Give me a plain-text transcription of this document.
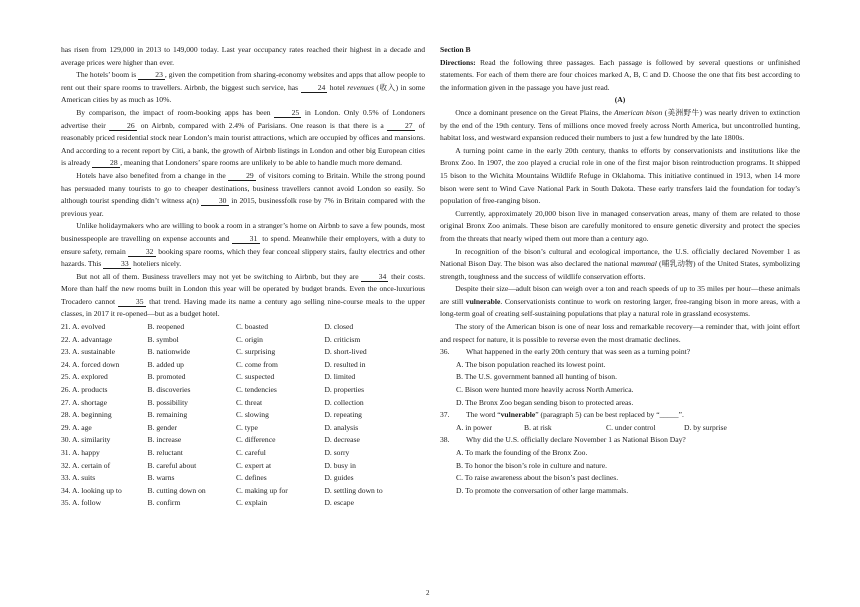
has risen from 129,000 in 2013 to 149,000 today. Last year occupancy rates reached their highest in a decade and average prices were higher than ever.

The hotels’ boom is 23 , given the competition from sharing-economy websites and apps that allow people to rent out their spare rooms to travellers. Airbnb, the biggest such service, has 24 hotel revenues (收入) in some American cities by as much as 10%.

By comparison, the impact of room-booking apps has been 25 in London. Only 0.5% of Londoners advertise their 26 on Airbnb, compared with 2.4% of Parisians. One reason is that there is a 27 of reasonably priced residential stock near London’s main tourist attractions, which are occupied by offices and mansions. And according to a recent report by Citi, a bank, the growth of Airbnb listings in London and other big European cities is already 28 , meaning that Londoners’ spare rooms are unlikely to be able to handle much more demand.

Hotels have also benefited from a change in the 29 of visitors coming to Britain. While the strong pound has persuaded many tourists to go to cheaper destinations, business travellers cannot avoid London so easily. So although tourist spending didn’t witness a(n) 30 in 2015, businessfolk rose by 7% in Britain compared with the previous year.

Unlike holidaymakers who are willing to book a room in a stranger’s home on Airbnb to save a few pounds, most businesspeople are travelling on expense accounts and 31 to spend. Meanwhile their employers, with a duty to ensure safety, remain 32 booking spare rooms, which they fear conceal slippery stairs, faulty electrics and other hazards. This 33 hoteliers nicely.

But not all of them. Business travellers may not yet be switching to Airbnb, but they are 34 their costs. More than half the new rooms built in London this year will be operated by budget brands. Even the once-luxurious Trocadero cannot 35 that trend. Having made its name a century ago selling nine-course meals to the upper classes, in 2017 it re-opened—but as a budget hotel.

21. A. evolved	B. reopened	C. boasted	D. closed
22. A. advantage	B. symbol	C. origin	D. criticism
23. A. sustainable	B. nationwide	C. surprising	D. short-lived
24. A. forced down	B. added up	C. come from	D. resulted in
25. A. explored	B. promoted	C. suspected	D. limited
26. A. products	B. discoveries	C. tendencies	D. properties
27. A. shortage	B. possibility	C. threat	D. collection
28. A. beginning	B. remaining	C. slowing	D. repeating
29. A. age	B. gender	C. type	D. analysis
30. A. similarity	B. increase	C. difference	D. decrease
31. A. happy	B. reluctant	C. careful	D. sorry
32. A. certain of	B. careful about	C. expert at	D. busy in
33. A. suits	B. warns	C. defines	D. guides
34. A. looking up to	B. cutting down on	C. making up for	D. settling down to
35. A. follow	B. confirm	C. explain	D. escape

Section B

Directions: Read the following three passages. Each passage is followed by several questions or unfinished statements. For each of them there are four choices marked A, B, C and D. Choose the one that fits best according to the information given in the passage you have just read.

(A)

Once a dominant presence on the Great Plains, the American bison (美洲野牛) was nearly driven to extinction by the end of the 19th century. Tens of millions once moved freely across North America, but uncontrolled hunting, habitat loss, and westward expansion reduced their numbers to just a few hundred by the late 1800s.

A turning point came in the early 20th century, thanks to efforts by conservationists and institutions like the Bronx Zoo. In 1907, the zoo played a crucial role in one of the first major bison reintroduction programs. It shipped 15 bison to the Wichita Mountains Wildlife Refuge in Oklahoma. This initiative continued in 1913, when 14 more bison were sent to Wind Cave National Park in South Dakota. These early transfers laid the foundation for today’s population of free-ranging bison.

Currently, approximately 20,000 bison live in managed conservation areas, many of them are related to those original Bronx Zoo animals. These bison are carefully monitored to ensure genetic diversity and protect the species from the threats that nearly wiped them out more than a century ago.

In recognition of the bison’s cultural and ecological importance, the U.S. officially declared November 1 as National Bison Day. The bison was also declared the national mammal (哺乳动物) of the United States, symbolizing strength, toughness and the success of wildlife conservation efforts.

Despite their size—adult bison can weigh over a ton and reach speeds of up to 35 miles per hour—these animals are still vulnerable. Conservationists continue to work on restoring larger, free-ranging bison in more areas, with a long-term goal of creating self-sustaining populations that play a natural role in grassland ecosystems.

The story of the American bison is one of near loss and remarkable recovery—a reminder that, with joint effort and respect for nature, it is possible to reverse even the most dramatic declines.

36. What happened in the early 20th century that was seen as a turning point?
A. The bison population reached its lowest point.
B. The U.S. government banned all hunting of bison.
C. Bison were hunted more heavily across North America.
D. The Bronx Zoo began sending bison to protected areas.
37. The word “vulnerable” (paragraph 5) can be best replaced by “_____”.
A. in power	B. at risk	C. under control	D. by surprise
38. Why did the U.S. officially declare November 1 as National Bison Day?
A. To mark the founding of the Bronx Zoo.
B. To honor the bison’s role in culture and nature.
C. To raise awareness about the bison’s past declines.
D. To promote the conversation of other large mammals.
2
